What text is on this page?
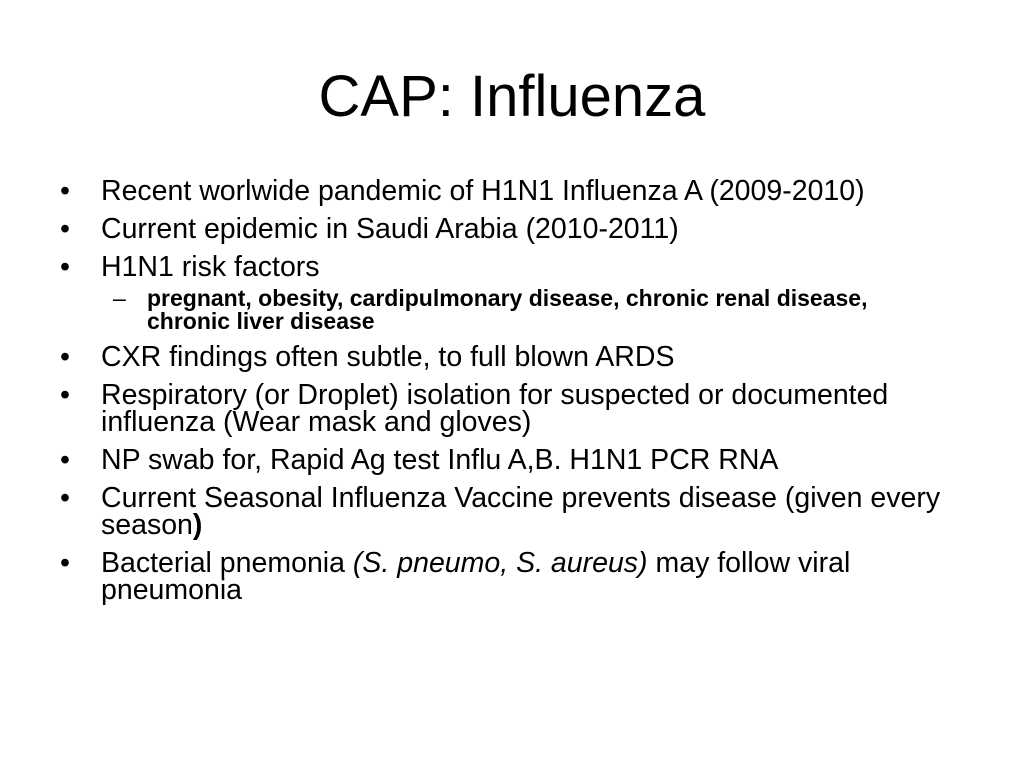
CAP: Influenza
• Recent worlwide pandemic of H1N1 Influenza A (2009-2010)
• Current epidemic in Saudi Arabia (2010-2011)
• H1N1 risk factors
– pregnant, obesity, cardipulmonary disease, chronic renal disease, chronic liver disease
• CXR findings often subtle, to full blown ARDS
• Respiratory (or Droplet) isolation for suspected or documented influenza (Wear mask and gloves)
• NP swab for, Rapid Ag test Influ A,B. H1N1 PCR RNA
• Current Seasonal Influenza Vaccine prevents disease (given every season)
• Bacterial pnemonia (S. pneumo, S. aureus) may follow viral pneumonia
